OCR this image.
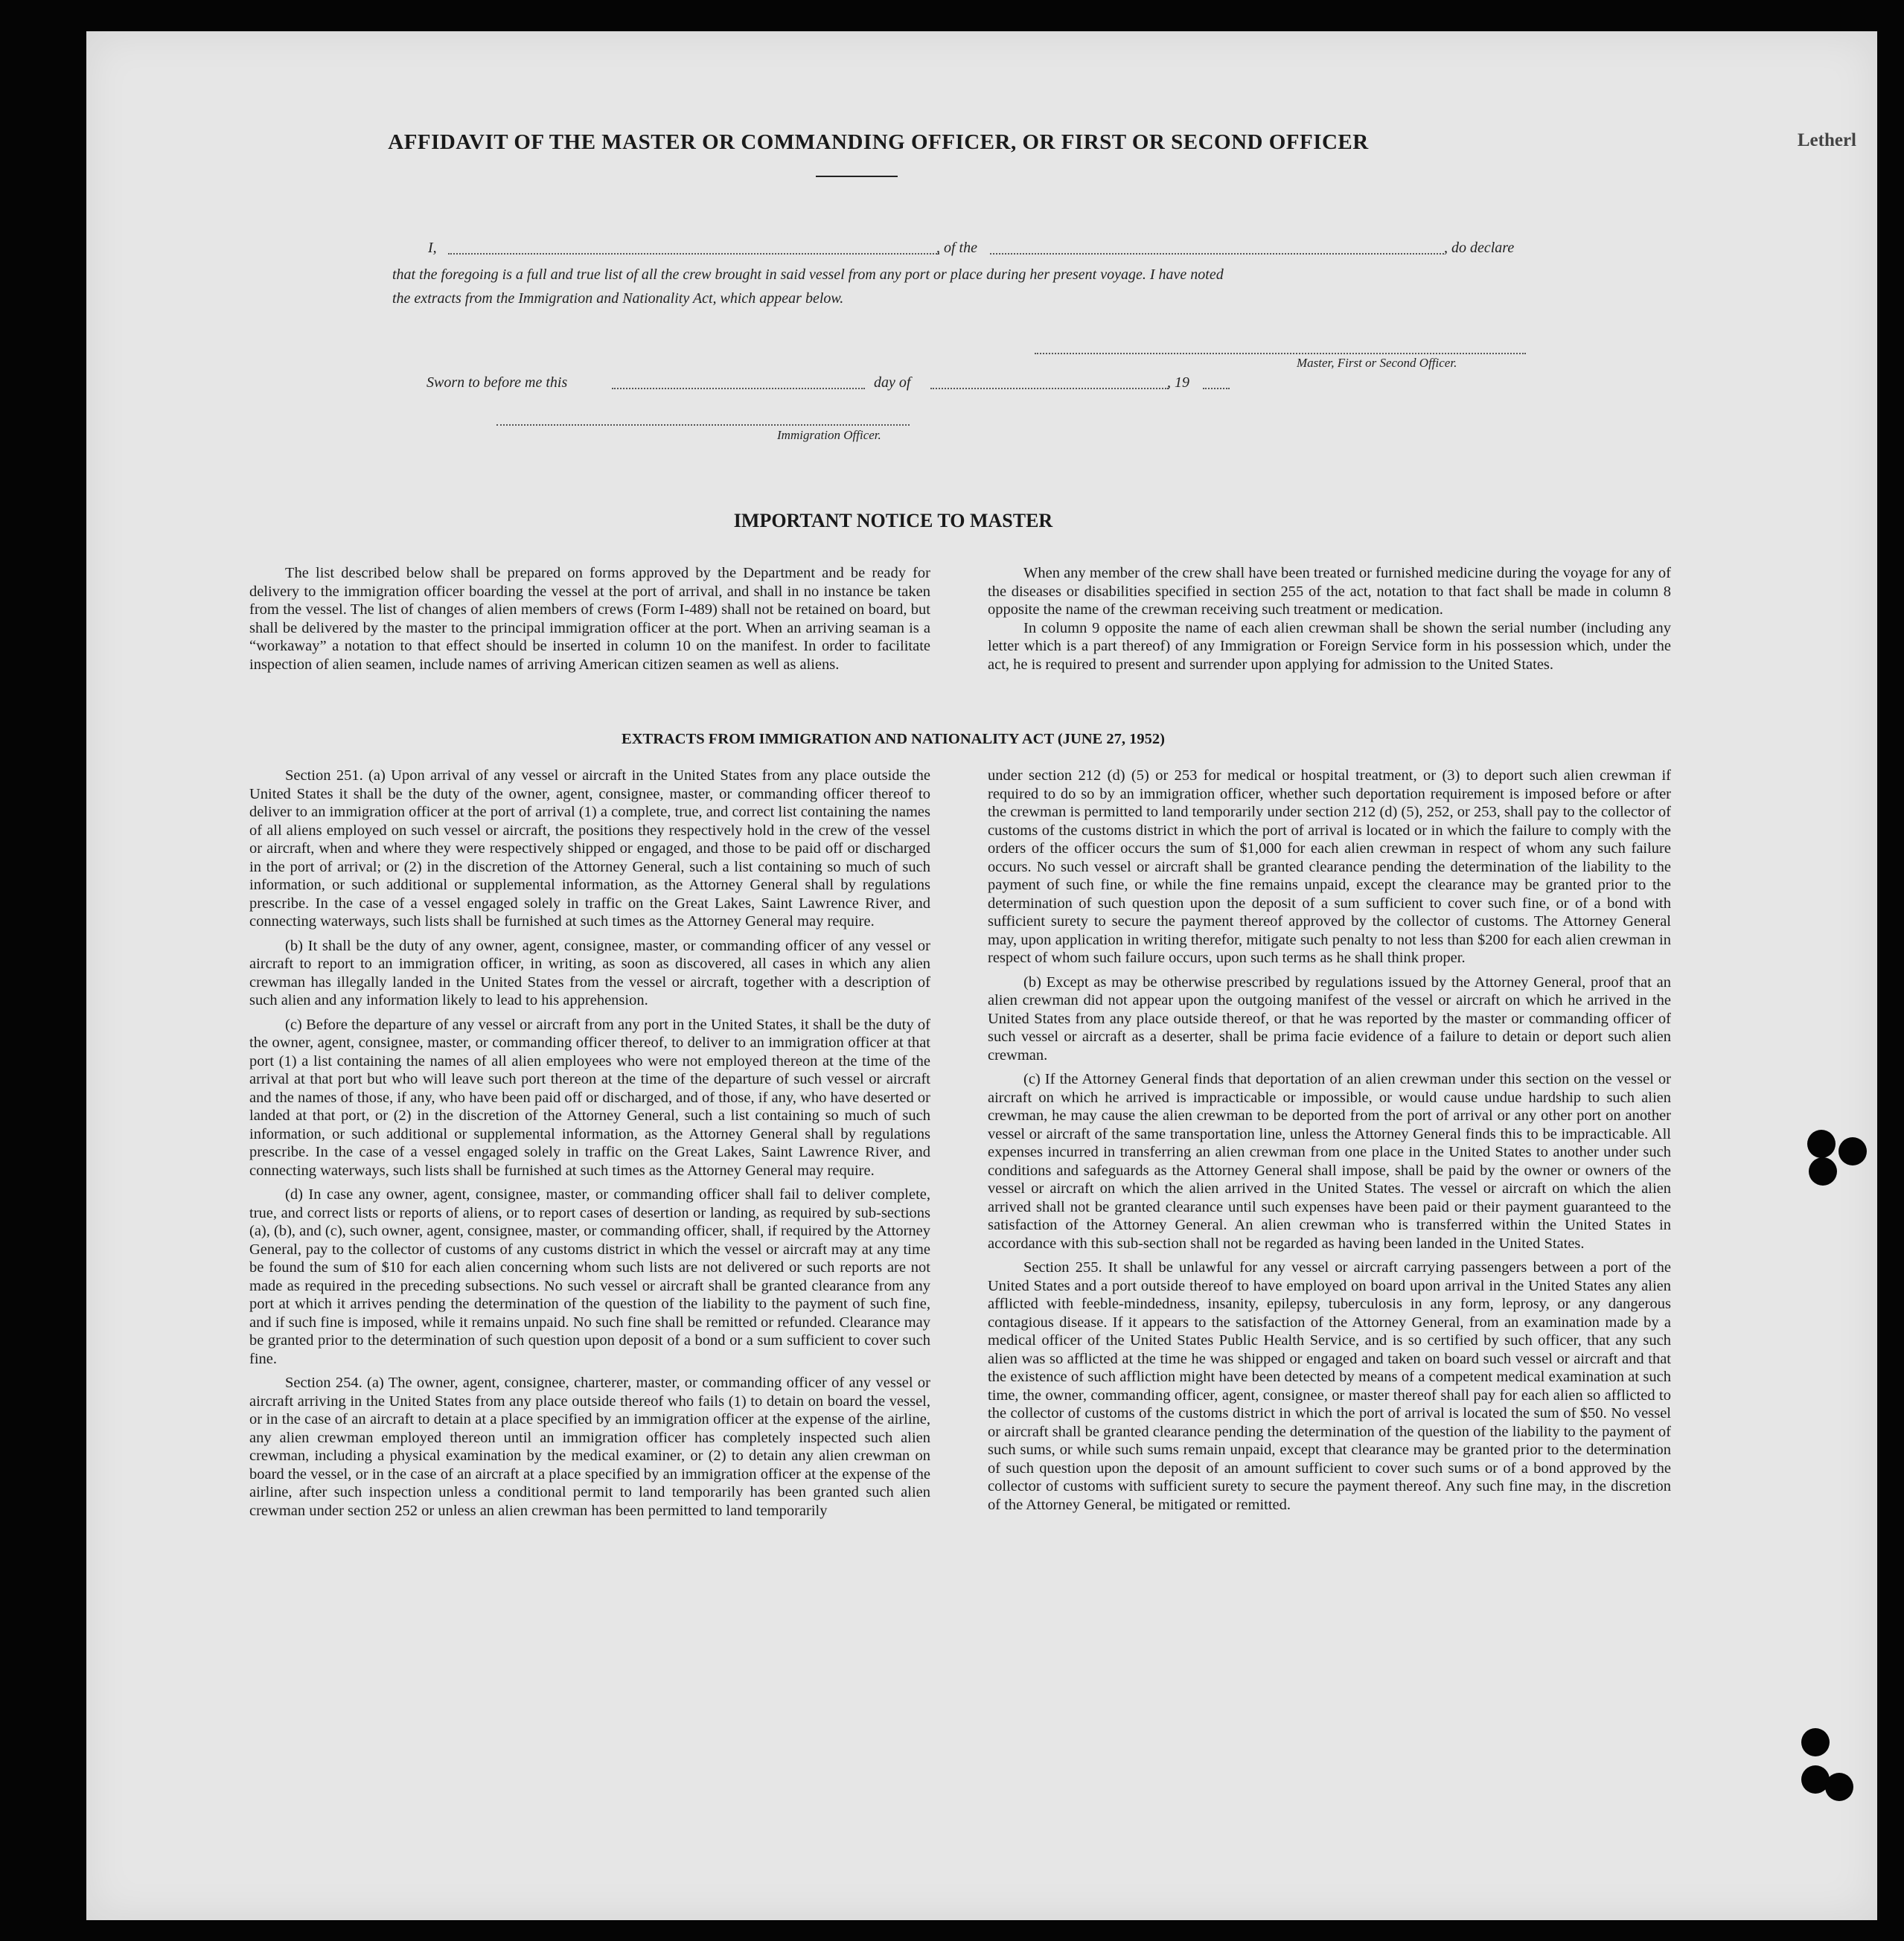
Letherl
AFFIDAVIT OF THE MASTER OR COMMANDING OFFICER, OR FIRST OR SECOND OFFICER
I,	, of the	, do declare
that the foregoing is a full and true list of all the crew brought in said vessel from any port or place during her present voyage. I have noted
the extracts from the Immigration and Nationality Act, which appear below.
Master, First or Second Officer.
Sworn to before me this	day of	, 19
Immigration Officer.
IMPORTANT NOTICE TO MASTER

The list described below shall be prepared on forms approved by the Department and be ready for delivery to the immigration officer boarding the vessel at the port of arrival, and shall in no instance be taken from the vessel. The list of changes of alien members of crews (Form I-489) shall not be retained on board, but shall be delivered by the master to the principal immigration officer at the port. When an arriving seaman is a “workaway” a notation to that effect should be inserted in column 10 on the manifest. In order to facilitate inspection of alien seamen, include names of arriving American citizen seamen as well as aliens.

When any member of the crew shall have been treated or furnished medicine during the voyage for any of the diseases or disabilities specified in section 255 of the act, notation to that fact shall be made in column 8 opposite the name of the crewman receiving such treatment or medication.

In column 9 opposite the name of each alien crewman shall be shown the serial number (including any letter which is a part thereof) of any Immigration or Foreign Service form in his possession which, under the act, he is required to present and surrender upon applying for admission to the United States.

EXTRACTS FROM IMMIGRATION AND NATIONALITY ACT (JUNE 27, 1952)

Section 251. (a) Upon arrival of any vessel or aircraft in the United States from any place outside the United States it shall be the duty of the owner, agent, consignee, master, or commanding officer thereof to deliver to an immigration officer at the port of arrival (1) a complete, true, and correct list containing the names of all aliens employed on such vessel or aircraft, the positions they respectively hold in the crew of the vessel or aircraft, when and where they were respectively shipped or engaged, and those to be paid off or discharged in the port of arrival; or (2) in the discretion of the Attorney General, such a list containing so much of such information, or such additional or supplemental information, as the Attorney General shall by regulations prescribe. In the case of a vessel engaged solely in traffic on the Great Lakes, Saint Lawrence River, and connecting waterways, such lists shall be furnished at such times as the Attorney General may require.

(b) It shall be the duty of any owner, agent, consignee, master, or commanding officer of any vessel or aircraft to report to an immigration officer, in writing, as soon as discovered, all cases in which any alien crewman has illegally landed in the United States from the vessel or aircraft, together with a description of such alien and any information likely to lead to his apprehension.

(c) Before the departure of any vessel or aircraft from any port in the United States, it shall be the duty of the owner, agent, consignee, master, or commanding officer thereof, to deliver to an immigration officer at that port (1) a list containing the names of all alien employees who were not employed thereon at the time of the arrival at that port but who will leave such port thereon at the time of the departure of such vessel or aircraft and the names of those, if any, who have been paid off or discharged, and of those, if any, who have deserted or landed at that port, or (2) in the discretion of the Attorney General, such a list containing so much of such information, or such additional or supplemental information, as the Attorney General shall by regulations prescribe. In the case of a vessel engaged solely in traffic on the Great Lakes, Saint Lawrence River, and connecting waterways, such lists shall be furnished at such times as the Attorney General may require.

(d) In case any owner, agent, consignee, master, or commanding officer shall fail to deliver complete, true, and correct lists or reports of aliens, or to report cases of desertion or landing, as required by sub-sections (a), (b), and (c), such owner, agent, consignee, master, or commanding officer, shall, if required by the Attorney General, pay to the collector of customs of any customs district in which the vessel or aircraft may at any time be found the sum of $10 for each alien concerning whom such lists are not delivered or such reports are not made as required in the preceding subsections. No such vessel or aircraft shall be granted clearance from any port at which it arrives pending the determination of the question of the liability to the payment of such fine, and if such fine is imposed, while it remains unpaid. No such fine shall be remitted or refunded. Clearance may be granted prior to the determination of such question upon deposit of a bond or a sum sufficient to cover such fine.

Section 254. (a) The owner, agent, consignee, charterer, master, or commanding officer of any vessel or aircraft arriving in the United States from any place outside thereof who fails (1) to detain on board the vessel, or in the case of an aircraft to detain at a place specified by an immigration officer at the expense of the airline, any alien crewman employed thereon until an immigration officer has completely inspected such alien crewman, including a physical examination by the medical examiner, or (2) to detain any alien crewman on board the vessel, or in the case of an aircraft at a place specified by an immigration officer at the expense of the airline, after such inspection unless a conditional permit to land temporarily has been granted such alien crewman under section 252 or unless an alien crewman has been permitted to land temporarily

under section 212 (d) (5) or 253 for medical or hospital treatment, or (3) to deport such alien crewman if required to do so by an immigration officer, whether such deportation requirement is imposed before or after the crewman is permitted to land temporarily under section 212 (d) (5), 252, or 253, shall pay to the collector of customs of the customs district in which the port of arrival is located or in which the failure to comply with the orders of the officer occurs the sum of $1,000 for each alien crewman in respect of whom any such failure occurs. No such vessel or aircraft shall be granted clearance pending the determination of the liability to the payment of such fine, or while the fine remains unpaid, except the clearance may be granted prior to the determination of such question upon the deposit of a sum sufficient to cover such fine, or of a bond with sufficient surety to secure the payment thereof approved by the collector of customs. The Attorney General may, upon application in writing therefor, mitigate such penalty to not less than $200 for each alien crewman in respect of whom such failure occurs, upon such terms as he shall think proper.

(b) Except as may be otherwise prescribed by regulations issued by the Attorney General, proof that an alien crewman did not appear upon the outgoing manifest of the vessel or aircraft on which he arrived in the United States from any place outside thereof, or that he was reported by the master or commanding officer of such vessel or aircraft as a deserter, shall be prima facie evidence of a failure to detain or deport such alien crewman.

(c) If the Attorney General finds that deportation of an alien crewman under this section on the vessel or aircraft on which he arrived is impracticable or impossible, or would cause undue hardship to such alien crewman, he may cause the alien crewman to be deported from the port of arrival or any other port on another vessel or aircraft of the same transportation line, unless the Attorney General finds this to be impracticable. All expenses incurred in transferring an alien crewman from one place in the United States to another under such conditions and safeguards as the Attorney General shall impose, shall be paid by the owner or owners of the vessel or aircraft on which the alien arrived in the United States. The vessel or aircraft on which the alien arrived shall not be granted clearance until such expenses have been paid or their payment guaranteed to the satisfaction of the Attorney General. An alien crewman who is transferred within the United States in accordance with this sub-section shall not be regarded as having been landed in the United States.

Section 255. It shall be unlawful for any vessel or aircraft carrying passengers between a port of the United States and a port outside thereof to have employed on board upon arrival in the United States any alien afflicted with feeble-mindedness, insanity, epilepsy, tuberculosis in any form, leprosy, or any dangerous contagious disease. If it appears to the satisfaction of the Attorney General, from an examination made by a medical officer of the United States Public Health Service, and is so certified by such officer, that any such alien was so afflicted at the time he was shipped or engaged and taken on board such vessel or aircraft and that the existence of such affliction might have been detected by means of a competent medical examination at such time, the owner, commanding officer, agent, consignee, or master thereof shall pay for each alien so afflicted to the collector of customs of the customs district in which the port of arrival is located the sum of $50. No vessel or aircraft shall be granted clearance pending the determination of the question of the liability to the payment of such sums, or while such sums remain unpaid, except that clearance may be granted prior to the determination of such question upon the deposit of an amount sufficient to cover such sums or of a bond approved by the collector of customs with sufficient surety to secure the payment thereof. Any such fine may, in the discretion of the Attorney General, be mitigated or remitted.
